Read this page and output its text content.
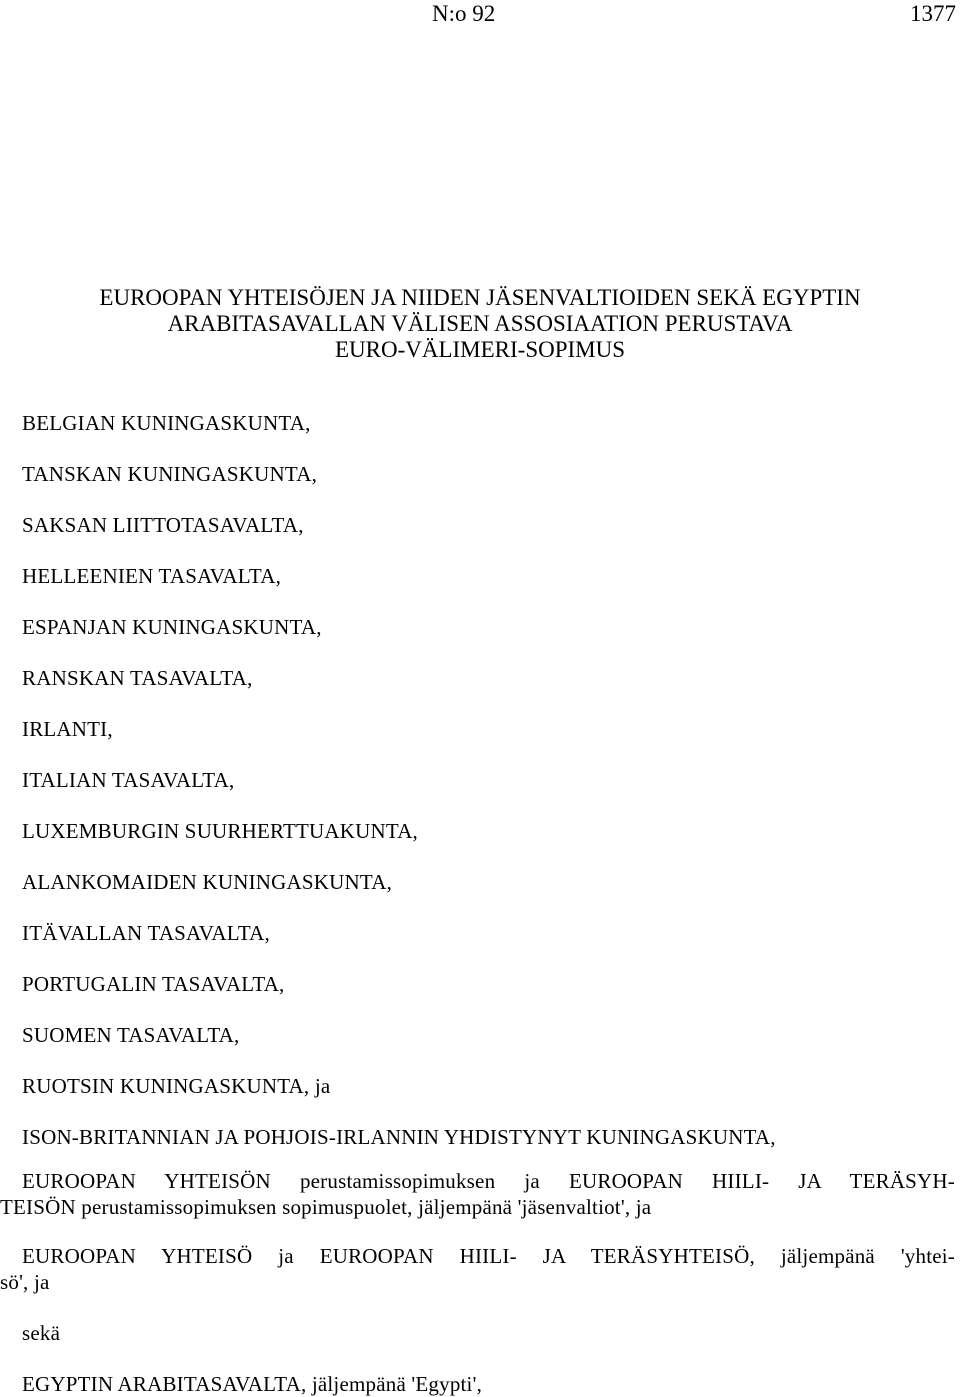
N:o 92	1377
EUROOPAN YHTEISÖJEN JA NIIDEN JÄSENVALTIOIDEN SEKÄ EGYPTIN
ARABITASAVALLAN VÄLISEN ASSOSIAATION PERUSTAVA
EURO-VÄLIMERI-SOPIMUS
BELGIAN KUNINGASKUNTA,
TANSKAN KUNINGASKUNTA,
SAKSAN LIITTOTASAVALTA,
HELLEENIEN TASAVALTA,
ESPANJAN KUNINGASKUNTA,
RANSKAN TASAVALTA,
IRLANTI,
ITALIAN TASAVALTA,
LUXEMBURGIN SUURHERTTUAKUNTA,
ALANKOMAIDEN KUNINGASKUNTA,
ITÄVALLAN TASAVALTA,
PORTUGALIN TASAVALTA,
SUOMEN TASAVALTA,
RUOTSIN KUNINGASKUNTA, ja
ISON-BRITANNIAN JA POHJOIS-IRLANNIN YHDISTYNYT KUNINGASKUNTA,
EUROOPAN YHTEISÖN perustamissopimuksen ja EUROOPAN HIILI- JA TERÄSYH-
TEISÖN perustamissopimuksen sopimuspuolet, jäljempänä 'jäsenvaltiot', ja
EUROOPAN YHTEISÖ ja EUROOPAN HIILI- JA TERÄSYHTEISÖ, jäljempänä 'yhtei-
sö', ja
sekä
EGYPTIN ARABITASAVALTA, jäljempänä 'Egypti',
